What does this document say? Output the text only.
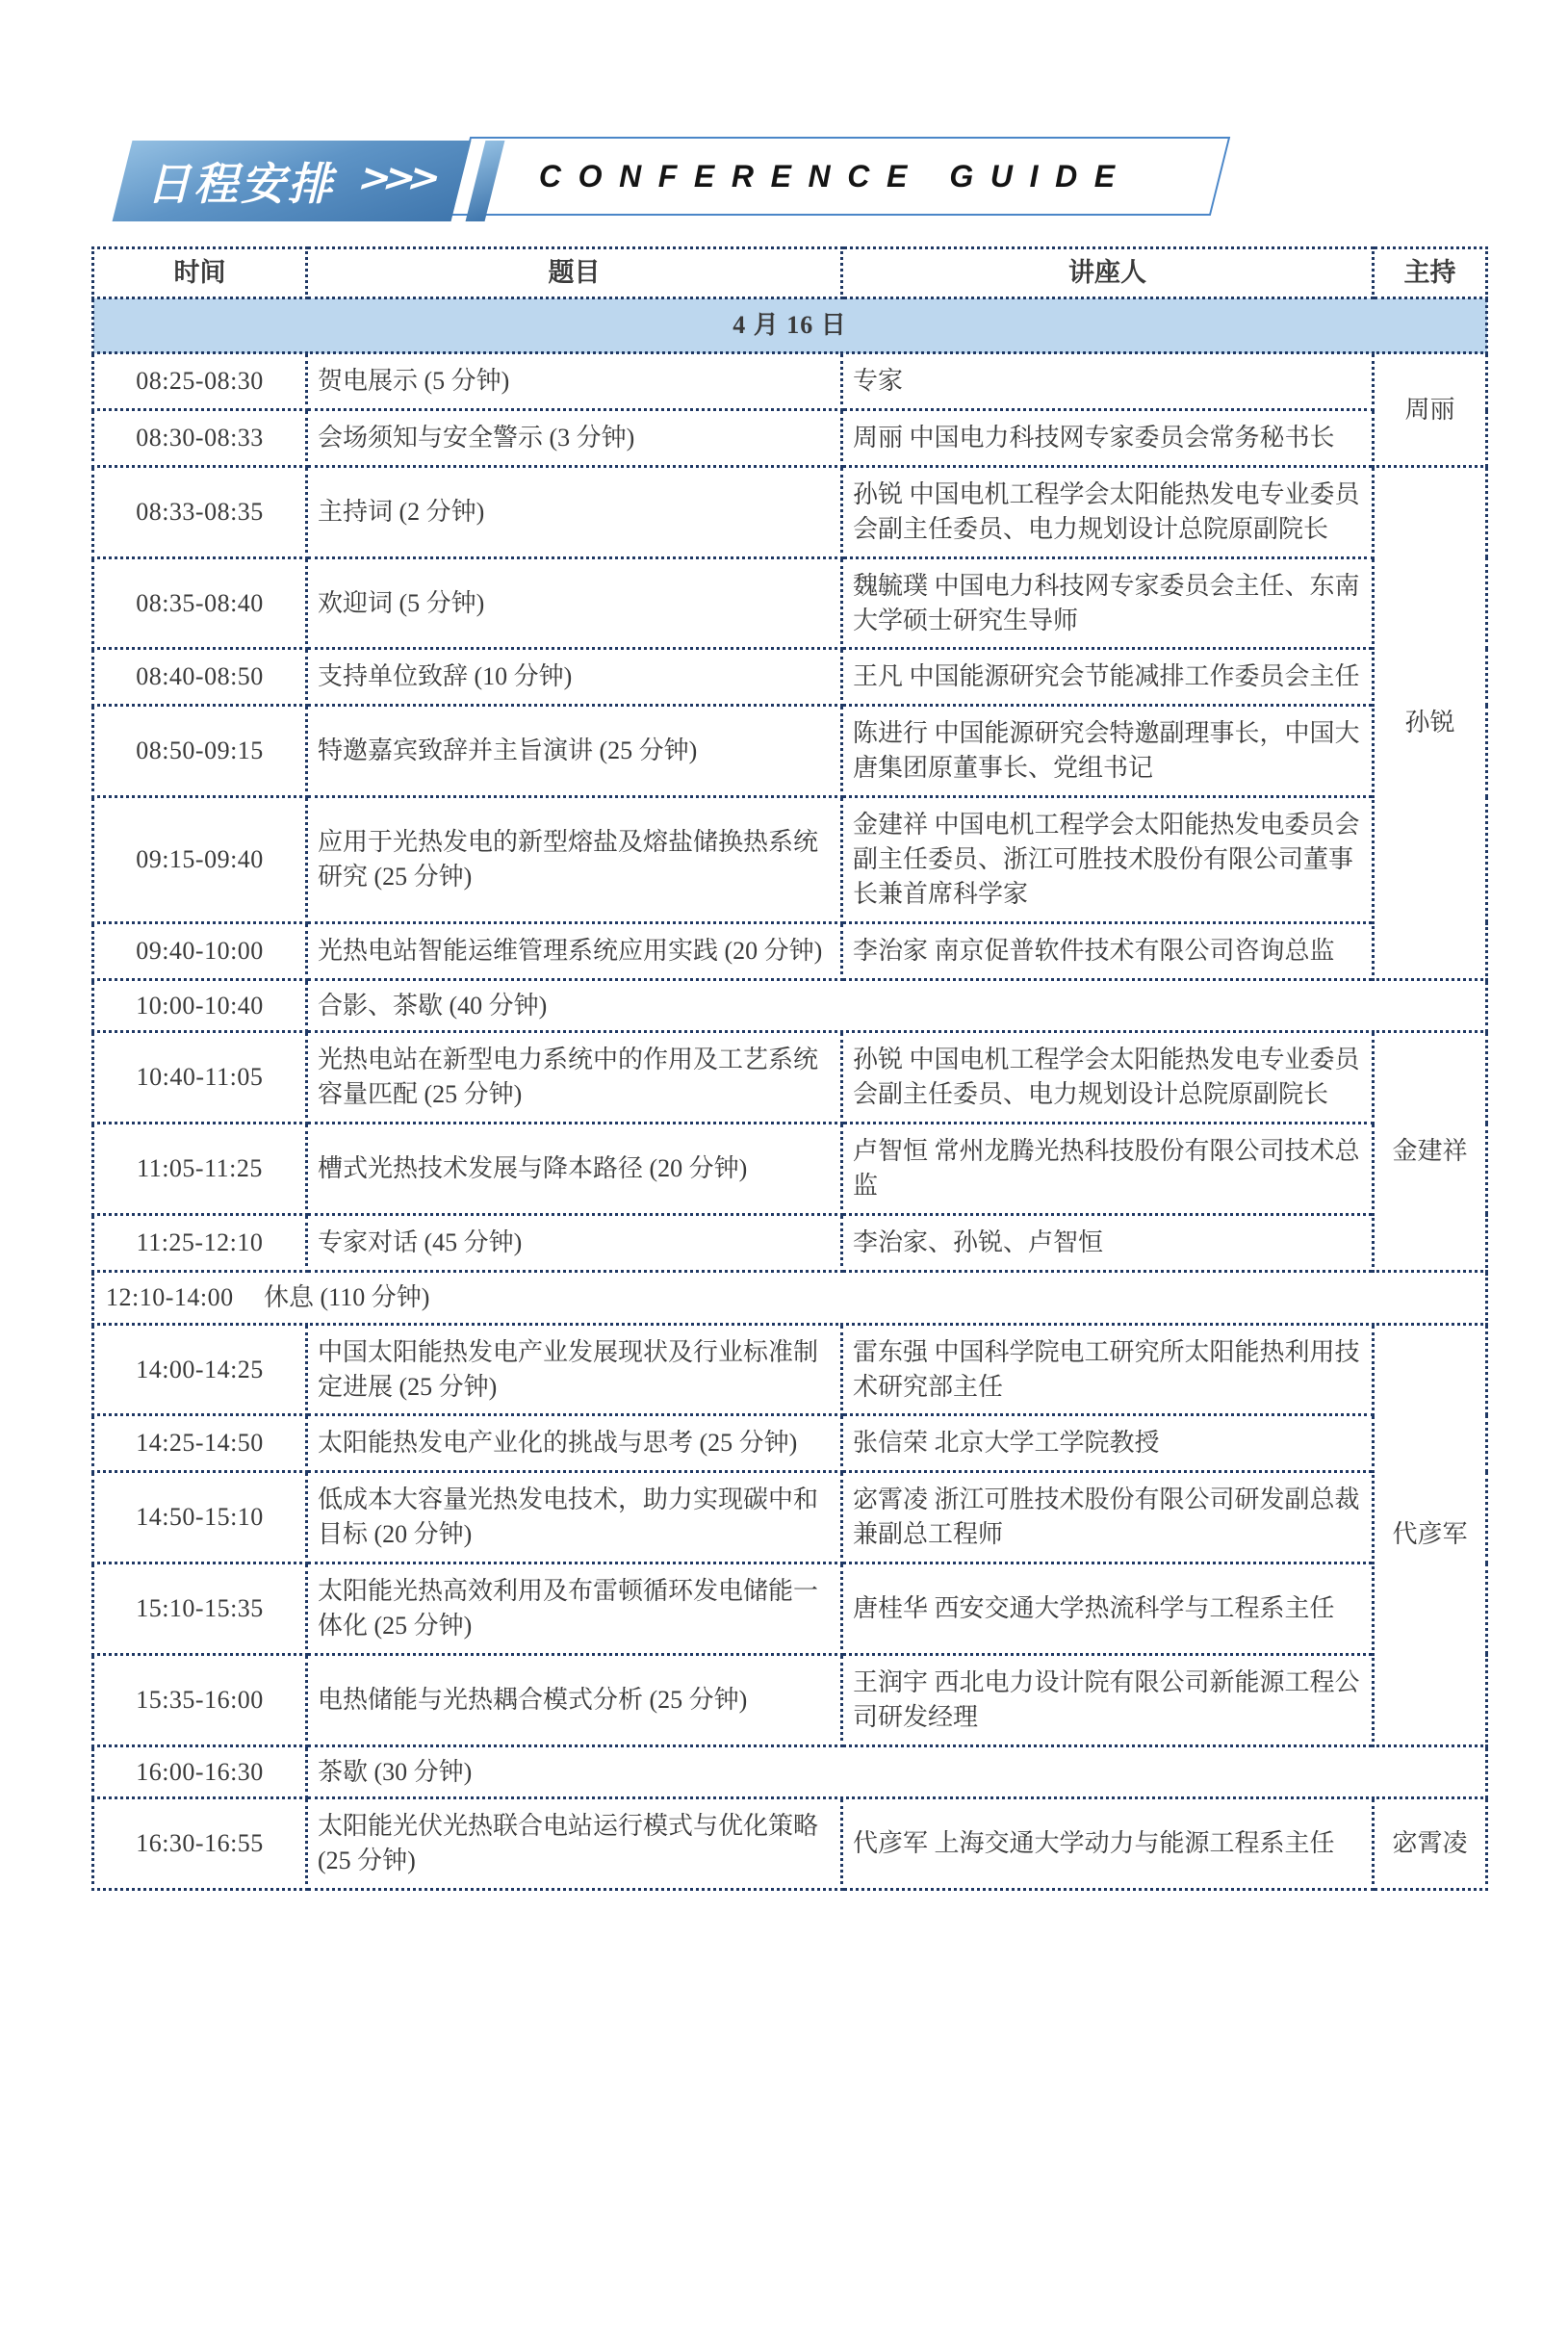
CONFERENCE GUIDE
日程安排 >>>
时间	题目	讲座人	主持
4 月 16 日			
08:25-08:30	贺电展示 (5 分钟)	专家	周丽
08:30-08:33	会场须知与安全警示 (3 分钟)	周丽 中国电力科技网专家委员会常务秘书长	
08:33-08:35	主持词 (2 分钟)	孙锐 中国电机工程学会太阳能热发电专业委员会副主任委员、电力规划设计总院原副院长	孙锐
08:35-08:40	欢迎词 (5 分钟)	魏毓璞 中国电力科技网专家委员会主任、东南大学硕士研究生导师	
08:40-08:50	支持单位致辞 (10 分钟)	王凡 中国能源研究会节能减排工作委员会主任	
08:50-09:15	特邀嘉宾致辞并主旨演讲 (25 分钟)	陈进行 中国能源研究会特邀副理事长，中国大唐集团原董事长、党组书记	
09:15-09:40	应用于光热发电的新型熔盐及熔盐储换热系统研究 (25 分钟)	金建祥 中国电机工程学会太阳能热发电委员会副主任委员、浙江可胜技术股份有限公司董事长兼首席科学家	
09:40-10:00	光热电站智能运维管理系统应用实践 (20 分钟)	李治家 南京促普软件技术有限公司咨询总监	
10:00-10:40	合影、茶歇 (40 分钟)		
10:40-11:05	光热电站在新型电力系统中的作用及工艺系统容量匹配 (25 分钟)	孙锐 中国电机工程学会太阳能热发电专业委员会副主任委员、电力规划设计总院原副院长	金建祥
11:05-11:25	槽式光热技术发展与降本路径 (20 分钟)	卢智恒 常州龙腾光热科技股份有限公司技术总监	
11:25-12:10	专家对话 (45 分钟)	李治家、孙锐、卢智恒	
12:10-14:00 休息 (110 分钟)			
14:00-14:25	中国太阳能热发电产业发展现状及行业标准制定进展 (25 分钟)	雷东强 中国科学院电工研究所太阳能热利用技术研究部主任	代彦军
14:25-14:50	太阳能热发电产业化的挑战与思考 (25 分钟)	张信荣 北京大学工学院教授	
14:50-15:10	低成本大容量光热发电技术，助力实现碳中和目标 (20 分钟)	宓霄凌 浙江可胜技术股份有限公司研发副总裁兼副总工程师	
15:10-15:35	太阳能光热高效利用及布雷顿循环发电储能一体化 (25 分钟)	唐桂华 西安交通大学热流科学与工程系主任	
15:35-16:00	电热储能与光热耦合模式分析 (25 分钟)	王润宇 西北电力设计院有限公司新能源工程公司研发经理	
16:00-16:30	茶歇 (30 分钟)		
16:30-16:55	太阳能光伏光热联合电站运行模式与优化策略 (25 分钟)	代彦军 上海交通大学动力与能源工程系主任	宓霄凌
